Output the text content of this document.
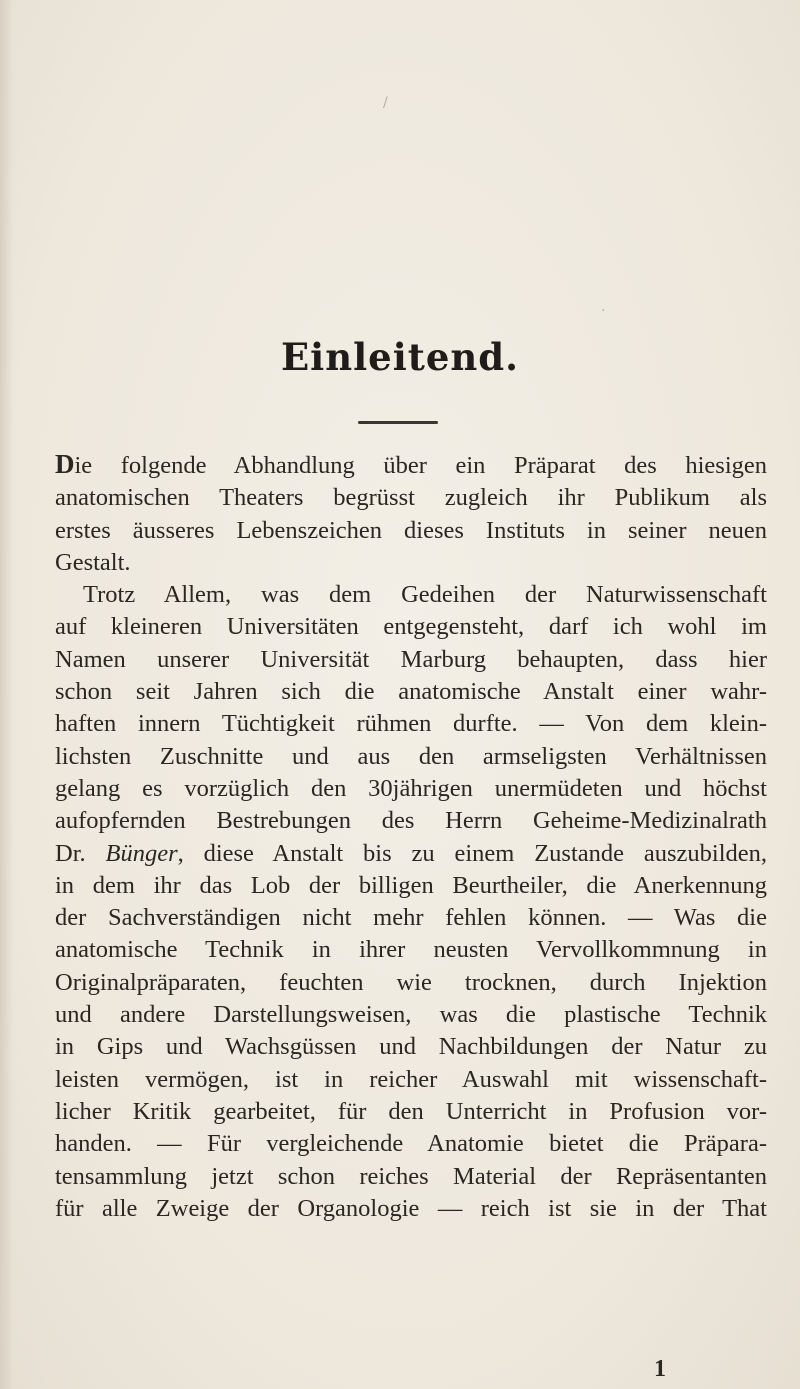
/
·
Einleitend.
Die folgende Abhandlung über ein Präparat des hiesigen
anatomischen Theaters begrüsst zugleich ihr Publikum als
erstes äusseres Lebenszeichen dieses Instituts in seiner neuen
Gestalt.
Trotz Allem, was dem Gedeihen der Naturwissenschaft
auf kleineren Universitäten entgegensteht, darf ich wohl im
Namen unserer Universität Marburg behaupten, dass hier
schon seit Jahren sich die anatomische Anstalt einer wahr-
haften innern Tüchtigkeit rühmen durfte. — Von dem klein-
lichsten Zuschnitte und aus den armseligsten Verhältnissen
gelang es vorzüglich den 30jährigen unermüdeten und höchst
aufopfernden Bestrebungen des Herrn Geheime-Medizinalrath
Dr. Bünger, diese Anstalt bis zu einem Zustande auszubilden,
in dem ihr das Lob der billigen Beurtheiler, die Anerkennung
der Sachverständigen nicht mehr fehlen können. — Was die
anatomische Technik in ihrer neusten Vervollkommnung in
Originalpräparaten, feuchten wie trocknen, durch Injektion
und andere Darstellungsweisen, was die plastische Technik
in Gips und Wachsgüssen und Nachbildungen der Natur zu
leisten vermögen, ist in reicher Auswahl mit wissenschaft-
licher Kritik gearbeitet, für den Unterricht in Profusion vor-
handen. — Für vergleichende Anatomie bietet die Präpara-
tensammlung jetzt schon reiches Material der Repräsentanten
für alle Zweige der Organologie — reich ist sie in der That
1
